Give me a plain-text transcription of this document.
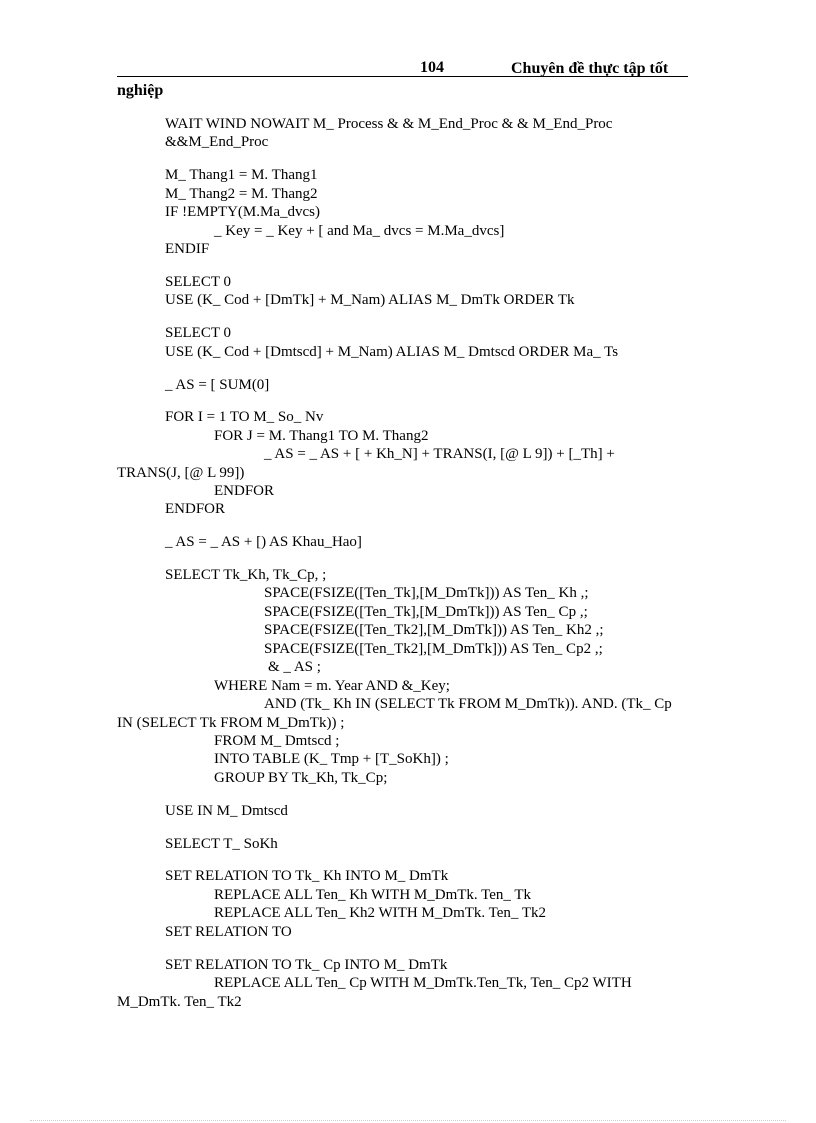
104	Chuyên đề thực tập tốt
nghiệp
WAIT WIND NOWAIT M_ Process & & M_End_Proc & & M_End_Proc
&&M_End_Proc
M_ Thang1 = M. Thang1
M_ Thang2 = M. Thang2
IF !EMPTY(M.Ma_dvcs)
_ Key = _ Key + [ and Ma_ dvcs = M.Ma_dvcs]
ENDIF
SELECT 0
USE (K_ Cod + [DmTk] + M_Nam) ALIAS M_ DmTk ORDER Tk
SELECT 0
USE (K_ Cod + [Dmtscd] + M_Nam) ALIAS M_ Dmtscd ORDER Ma_ Ts
_ AS = [ SUM(0]
FOR I = 1 TO M_ So_ Nv
FOR J = M. Thang1 TO M. Thang2
_ AS = _ AS + [ + Kh_N] + TRANS(I, [@ L 9]) + [_Th] +
TRANS(J, [@ L 99])
ENDFOR
ENDFOR
_ AS = _ AS + [) AS Khau_Hao]
SELECT Tk_Kh, Tk_Cp, ;
SPACE(FSIZE([Ten_Tk],[M_DmTk])) AS Ten_ Kh ,;
SPACE(FSIZE([Ten_Tk],[M_DmTk])) AS Ten_ Cp ,;
SPACE(FSIZE([Ten_Tk2],[M_DmTk])) AS Ten_ Kh2 ,;
SPACE(FSIZE([Ten_Tk2],[M_DmTk])) AS Ten_ Cp2 ,;
& _ AS ;
WHERE Nam = m. Year AND &_Key;
AND (Tk_ Kh IN (SELECT Tk FROM M_DmTk)). AND. (Tk_ Cp
IN (SELECT Tk FROM M_DmTk)) ;
FROM M_ Dmtscd ;
INTO TABLE (K_ Tmp + [T_SoKh]) ;
GROUP BY Tk_Kh, Tk_Cp;
USE IN M_ Dmtscd
SELECT T_ SoKh
SET RELATION TO Tk_ Kh INTO M_ DmTk
REPLACE ALL Ten_ Kh WITH M_DmTk. Ten_ Tk
REPLACE ALL Ten_ Kh2 WITH M_DmTk. Ten_ Tk2
SET RELATION TO
SET RELATION TO Tk_ Cp INTO M_ DmTk
REPLACE ALL Ten_ Cp WITH M_DmTk.Ten_Tk, Ten_ Cp2 WITH
M_DmTk. Ten_ Tk2
